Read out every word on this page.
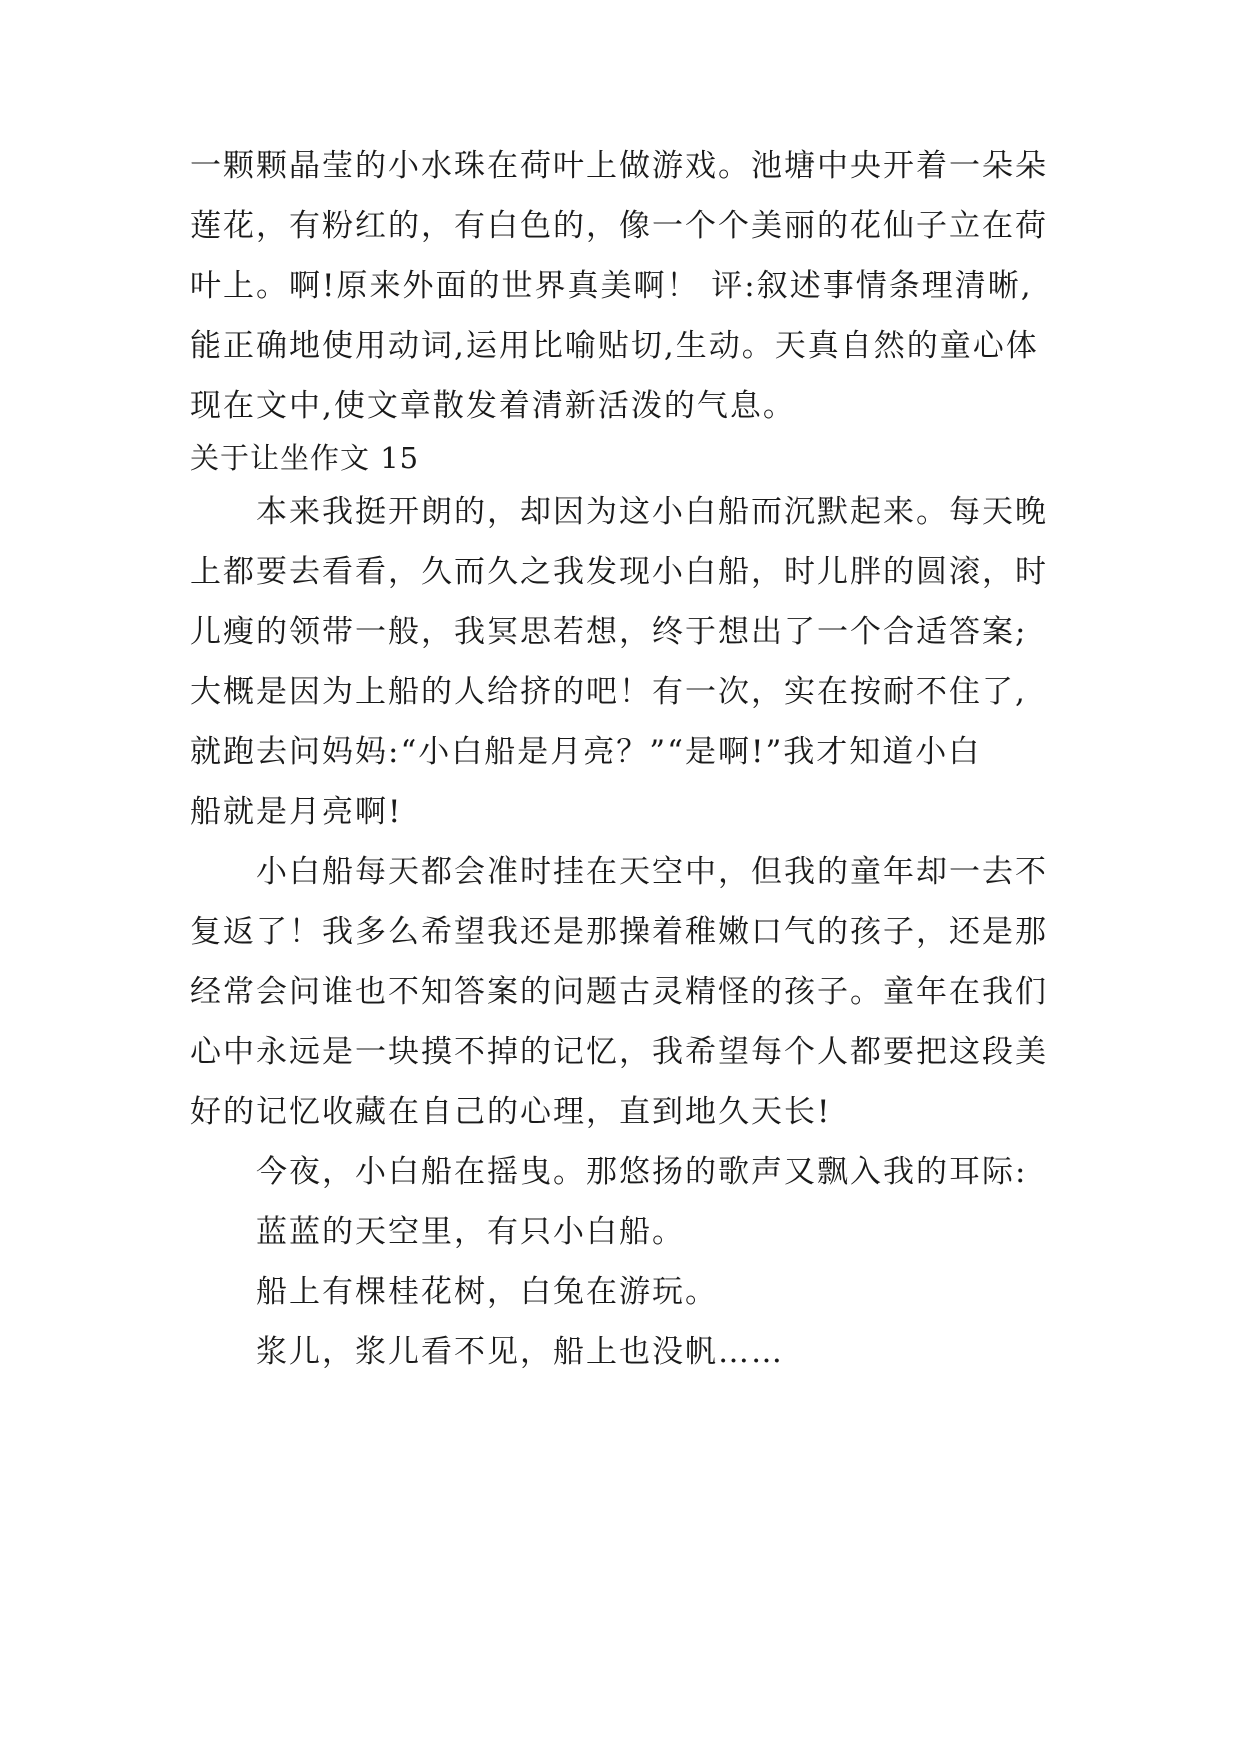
一颗颗晶莹的小水珠在荷叶上做游戏。池塘中央开着一朵朵
莲花，有粉红的，有白色的，像一个个美丽的花仙子立在荷
叶上。啊!原来外面的世界真美啊！ 评:叙述事情条理清晰,
能正确地使用动词,运用比喻贴切,生动。天真自然的童心体
现在文中,使文章散发着清新活泼的气息。
关于让坐作文 15
本来我挺开朗的，却因为这小白船而沉默起来。每天晚
上都要去看看，久而久之我发现小白船，时儿胖的圆滚，时
儿瘦的领带一般，我冥思若想，终于想出了一个合适答案;
大概是因为上船的人给挤的吧！有一次，实在按耐不住了,
就跑去问妈妈:“小白船是月亮？”“是啊!”我才知道小白
船就是月亮啊!
小白船每天都会准时挂在天空中，但我的童年却一去不
复返了！我多么希望我还是那操着稚嫩口气的孩子，还是那
经常会问谁也不知答案的问题古灵精怪的孩子。童年在我们
心中永远是一块摸不掉的记忆，我希望每个人都要把这段美
好的记忆收藏在自己的心理，直到地久天长!
今夜，小白船在摇曳。那悠扬的歌声又飘入我的耳际:
蓝蓝的天空里，有只小白船。
船上有棵桂花树，白兔在游玩。
浆儿，浆儿看不见，船上也没帆……
